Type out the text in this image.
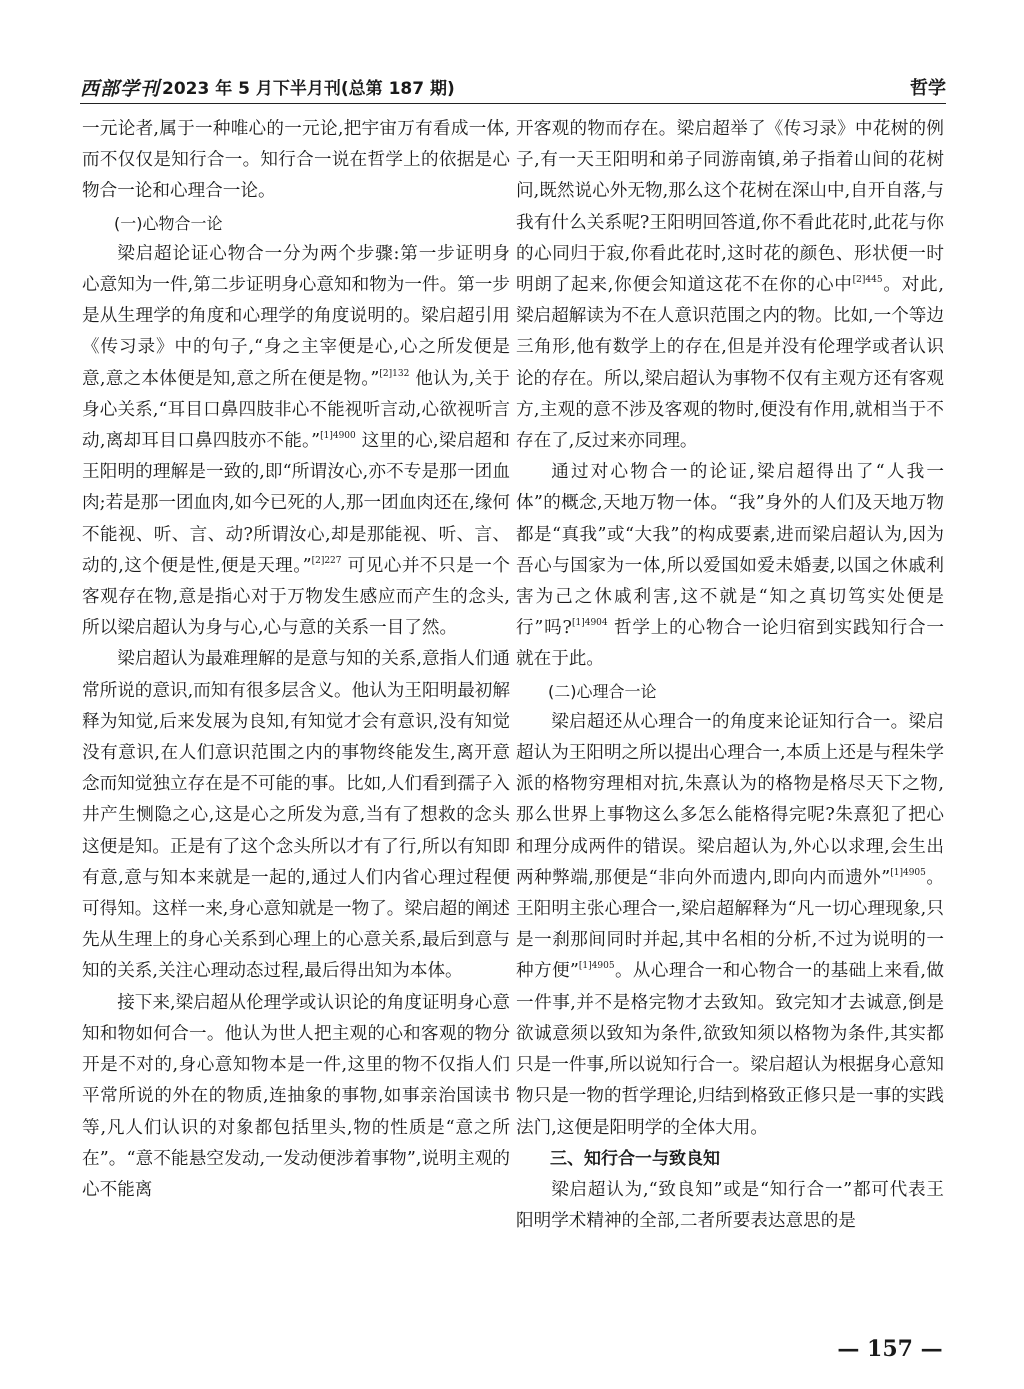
西部学刊 2023 年 5 月下半月刊(总第 187 期)	哲学

一元论者,属于一种唯心的一元论,把宇宙万有看成一体,而不仅仅是知行合一。知行合一说在哲学上的依据是心物合一论和心理合一论。

(一)心物合一论

梁启超论证心物合一分为两个步骤:第一步证明身心意知为一件,第二步证明身心意知和物为一件。第一步是从生理学的角度和心理学的角度说明的。梁启超引用《传习录》中的句子,“身之主宰便是心,心之所发便是意,意之本体便是知,意之所在便是物。”$^{[2]132}$ 他认为,关于身心关系,“耳目口鼻四肢非心不能视听言动,心欲视听言动,离却耳目口鼻四肢亦不能。”$^{[1]4900}$ 这里的心,梁启超和王阳明的理解是一致的,即“所谓汝心,亦不专是那一团血肉;若是那一团血肉,如今已死的人,那一团血肉还在,缘何不能视、听、言、动?所谓汝心,却是那能视、听、言、动的,这个便是性,便是天理。”$^{[2]227}$ 可见心并不只是一个客观存在物,意是指心对于万物发生感应而产生的念头,所以梁启超认为身与心,心与意的关系一目了然。

梁启超认为最难理解的是意与知的关系,意指人们通常所说的意识,而知有很多层含义。他认为王阳明最初解释为知觉,后来发展为良知,有知觉才会有意识,没有知觉没有意识,在人们意识范围之内的事物终能发生,离开意念而知觉独立存在是不可能的事。比如,人们看到孺子入井产生恻隐之心,这是心之所发为意,当有了想救的念头这便是知。正是有了这个念头所以才有了行,所以有知即有意,意与知本来就是一起的,通过人们内省心理过程便可得知。这样一来,身心意知就是一物了。梁启超的阐述先从生理上的身心关系到心理上的心意关系,最后到意与知的关系,关注心理动态过程,最后得出知为本体。

接下来,梁启超从伦理学或认识论的角度证明身心意知和物如何合一。他认为世人把主观的心和客观的物分开是不对的,身心意知物本是一件,这里的物不仅指人们平常所说的外在的物质,连抽象的事物,如事亲治国读书等,凡人们认识的对象都包括里头,物的性质是“意之所在”。“意不能悬空发动,一发动便涉着事物”,说明主观的心不能离

开客观的物而存在。梁启超举了《传习录》中花树的例子,有一天王阳明和弟子同游南镇,弟子指着山间的花树问,既然说心外无物,那么这个花树在深山中,自开自落,与我有什么关系呢?王阳明回答道,你不看此花时,此花与你的心同归于寂,你看此花时,这时花的颜色、形状便一时明朗了起来,你便会知道这花不在你的心中$^{[2]445}$。对此,梁启超解读为不在人意识范围之内的物。比如,一个等边三角形,他有数学上的存在,但是并没有伦理学或者认识论的存在。所以,梁启超认为事物不仅有主观方还有客观方,主观的意不涉及客观的物时,便没有作用,就相当于不存在了,反过来亦同理。

通过对心物合一的论证,梁启超得出了“人我一体”的概念,天地万物一体。“我”身外的人们及天地万物都是“真我”或“大我”的构成要素,进而梁启超认为,因为吾心与国家为一体,所以爱国如爱未婚妻,以国之休戚利害为己之休戚利害,这不就是“知之真切笃实处便是行”吗?$^{[1]4904}$ 哲学上的心物合一论归宿到实践知行合一就在于此。

(二)心理合一论

梁启超还从心理合一的角度来论证知行合一。梁启超认为王阳明之所以提出心理合一,本质上还是与程朱学派的格物穷理相对抗,朱熹认为的格物是格尽天下之物,那么世界上事物这么多怎么能格得完呢?朱熹犯了把心和理分成两件的错误。梁启超认为,外心以求理,会生出两种弊端,那便是“非向外而遗内,即向内而遗外”$^{[1]4905}$。王阳明主张心理合一,梁启超解释为“凡一切心理现象,只是一刹那间同时并起,其中名相的分析,不过为说明的一种方便”$^{[1]4905}$。从心理合一和心物合一的基础上来看,做一件事,并不是格完物才去致知。致完知才去诚意,倒是欲诚意须以致知为条件,欲致知须以格物为条件,其实都只是一件事,所以说知行合一。梁启超认为根据身心意知物只是一物的哲学理论,归结到格致正修只是一事的实践法门,这便是阳明学的全体大用。

三、知行合一与致良知

梁启超认为,“致良知”或是“知行合一”都可代表王阳明学术精神的全部,二者所要表达意思的是

— 157 —
